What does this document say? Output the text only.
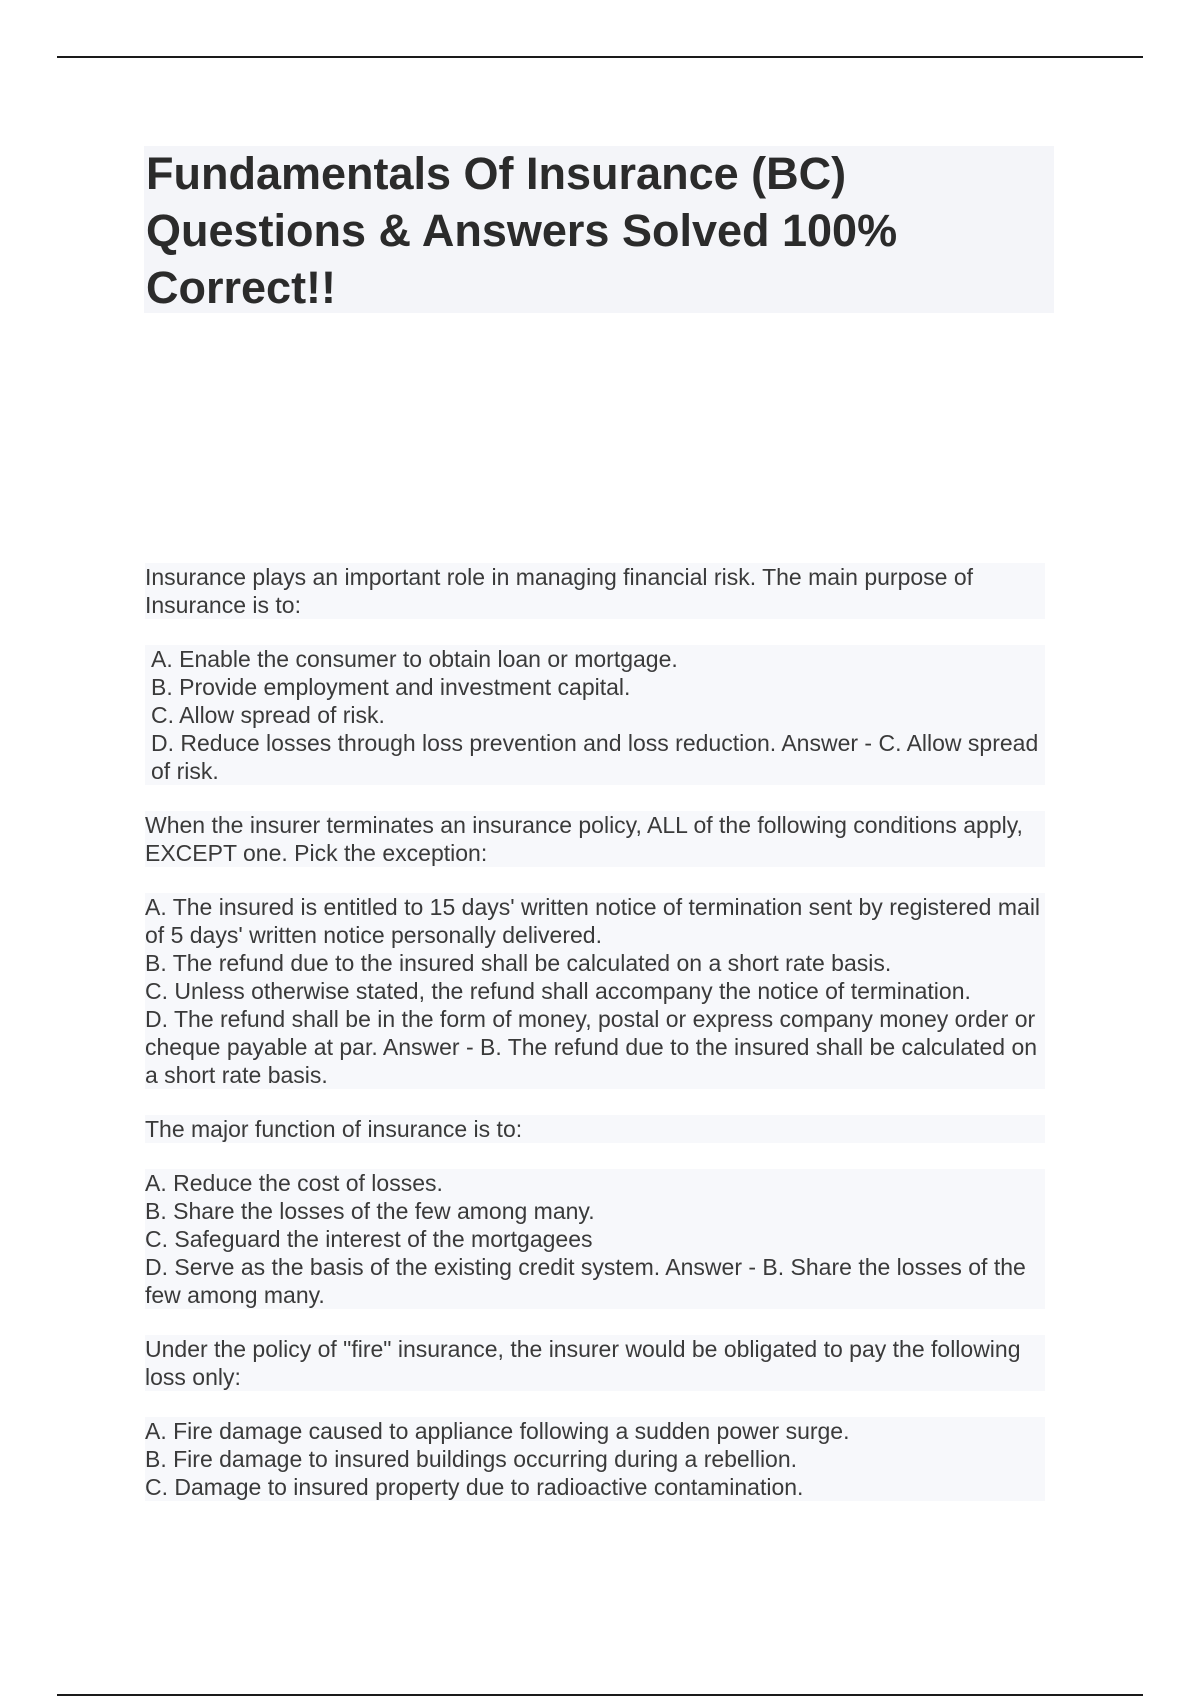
Fundamentals Of Insurance (BC) Questions & Answers Solved 100% Correct!!

Insurance plays an important role in managing financial risk. The main purpose of Insurance is to:

A. Enable the consumer to obtain loan or mortgage.

B. Provide employment and investment capital.

C. Allow spread of risk.

D. Reduce losses through loss prevention and loss reduction. Answer - C. Allow spread of risk.

When the insurer terminates an insurance policy, ALL of the following conditions apply, EXCEPT one. Pick the exception:

A. The insured is entitled to 15 days' written notice of termination sent by registered mail of 5 days' written notice personally delivered.

B. The refund due to the insured shall be calculated on a short rate basis.

C. Unless otherwise stated, the refund shall accompany the notice of termination.

D. The refund shall be in the form of money, postal or express company money order or cheque payable at par. Answer - B. The refund due to the insured shall be calculated on a short rate basis.

The major function of insurance is to:

A. Reduce the cost of losses.

B. Share the losses of the few among many.

C. Safeguard the interest of the mortgagees

D. Serve as the basis of the existing credit system. Answer - B. Share the losses of the few among many.

Under the policy of "fire" insurance, the insurer would be obligated to pay the following loss only:

A. Fire damage caused to appliance following a sudden power surge.

B. Fire damage to insured buildings occurring during a rebellion.

C. Damage to insured property due to radioactive contamination.
